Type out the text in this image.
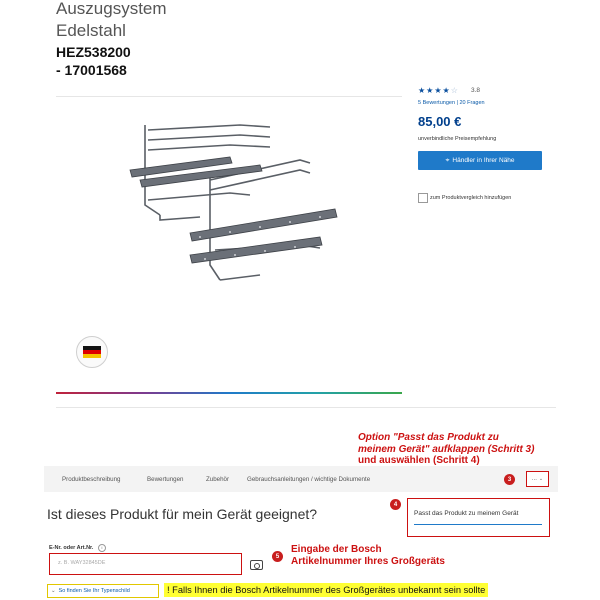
Auszugsystem
Edelstahl
HEZ538200
- 17001568
★★★★☆ 3.8
5 Bewertungen | 20 Fragen
85,00 €
unverbindliche Preisempfehlung
⌖ Händler in Ihrer Nähe
zum Produktvergleich hinzufügen
Option "Passt das Produkt zu
meinem Gerät" aufklappen (Schritt 3)
und auswählen (Schritt 4)
Produktbeschreibung	Bewertungen	Zubehör	Gebrauchsanleitungen / wichtige Dokumente	3	... ⌄
Ist dieses Produkt für mein Gerät geeignet?
4
Passt das Produkt zu meinem Gerät
E-Nr. oder Art.Nr. i
z. B. WAY32845DE
5
Eingabe der Bosch
Artikelnummer Ihres Großgeräts
⌄ So finden Sie Ihr Typenschild	! Falls Ihnen die Bosch Artikelnummer des Großgerätes unbekannt sein sollte
